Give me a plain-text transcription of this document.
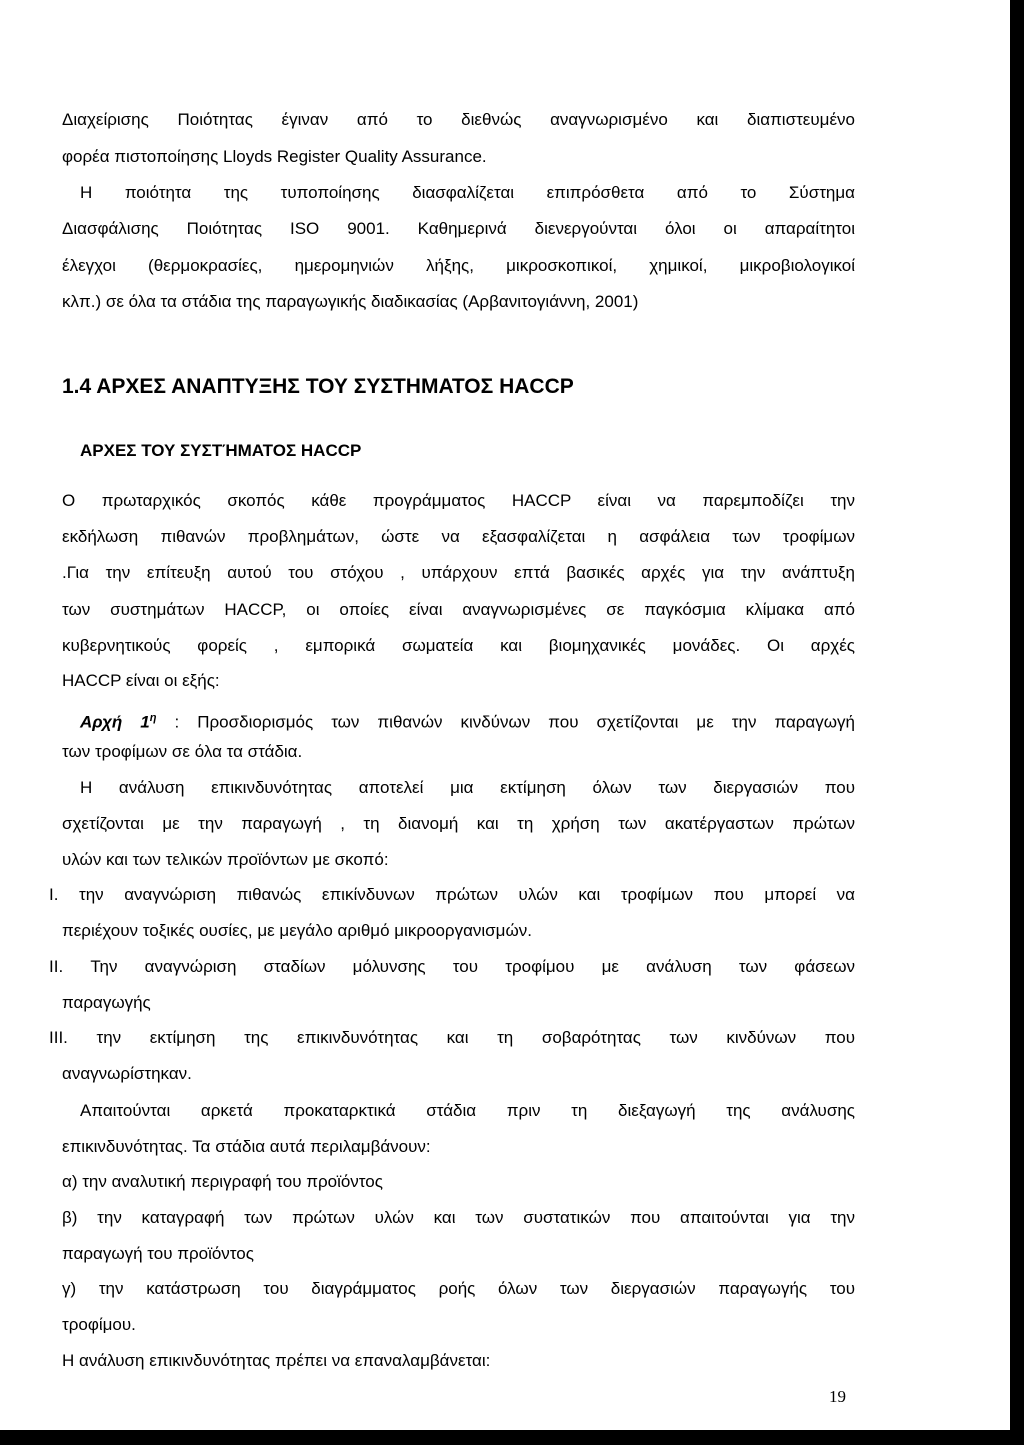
Διαχείρισης Ποιότητας έγιναν από το διεθνώς αναγνωρισμένο και διαπιστευμένο
φορέα πιστοποίησης Lloyds Register Quality Assurance.
Η ποιότητα της τυποποίησης διασφαλίζεται επιπρόσθετα από το Σύστημα
Διασφάλισης Ποιότητας ISO 9001. Καθημερινά διενεργούνται όλοι οι απαραίτητοι
έλεγχοι (θερμοκρασίες, ημερομηνιών λήξης, μικροσκοπικοί, χημικοί, μικροβιολογικοί
κλπ.) σε όλα τα στάδια της παραγωγικής διαδικασίας (Αρβανιτογιάννη, 2001)
1.4 ΑΡΧΕΣ ΑΝΑΠΤΥΞΗΣ ΤΟΥ ΣΥΣΤΗΜΑΤΟΣ HACCP
ΑΡΧΕΣ ΤΟΥ ΣΥΣΤΉΜΑΤΟΣ HACCP
Ο πρωταρχικός σκοπός κάθε προγράμματος HACCP είναι να παρεμποδίζει την
εκδήλωση πιθανών προβλημάτων, ώστε να εξασφαλίζεται η ασφάλεια των τροφίμων
.Για την επίτευξη αυτού του στόχου , υπάρχουν επτά βασικές αρχές για την ανάπτυξη
των συστημάτων HACCP, οι οποίες είναι αναγνωρισμένες σε παγκόσμια κλίμακα από
κυβερνητικούς φορείς , εμπορικά σωματεία και βιομηχανικές μονάδες. Οι αρχές
HACCP είναι οι εξής:
Αρχή $1^\eta$ : Προσδιορισμός των πιθανών κινδύνων που σχετίζονται με την παραγωγή
των τροφίμων σε όλα τα στάδια.
Η ανάλυση επικινδυνότητας αποτελεί μια εκτίμηση όλων των διεργασιών που
σχετίζονται με την παραγωγή , τη διανομή και τη χρήση των ακατέργαστων πρώτων
υλών και των τελικών προϊόντων με σκοπό:
I. την αναγνώριση πιθανώς επικίνδυνων πρώτων υλών και τροφίμων που μπορεί να
περιέχουν τοξικές ουσίες, με μεγάλο αριθμό μικροοργανισμών.
II. Την αναγνώριση σταδίων μόλυνσης του τροφίμου με ανάλυση των φάσεων
παραγωγής
III. την εκτίμηση της επικινδυνότητας και τη σοβαρότητας των κινδύνων που
αναγνωρίστηκαν.
Απαιτούνται αρκετά προκαταρκτικά στάδια πριν τη διεξαγωγή της ανάλυσης
επικινδυνότητας. Τα στάδια αυτά περιλαμβάνουν:
α) την αναλυτική περιγραφή του προϊόντος
β) την καταγραφή των πρώτων υλών και των συστατικών που απαιτούνται για την
παραγωγή του προϊόντος
γ) την κατάστρωση του διαγράμματος ροής όλων των διεργασιών παραγωγής του
τροφίμου.
Η ανάλυση επικινδυνότητας πρέπει να επαναλαμβάνεται:
19
